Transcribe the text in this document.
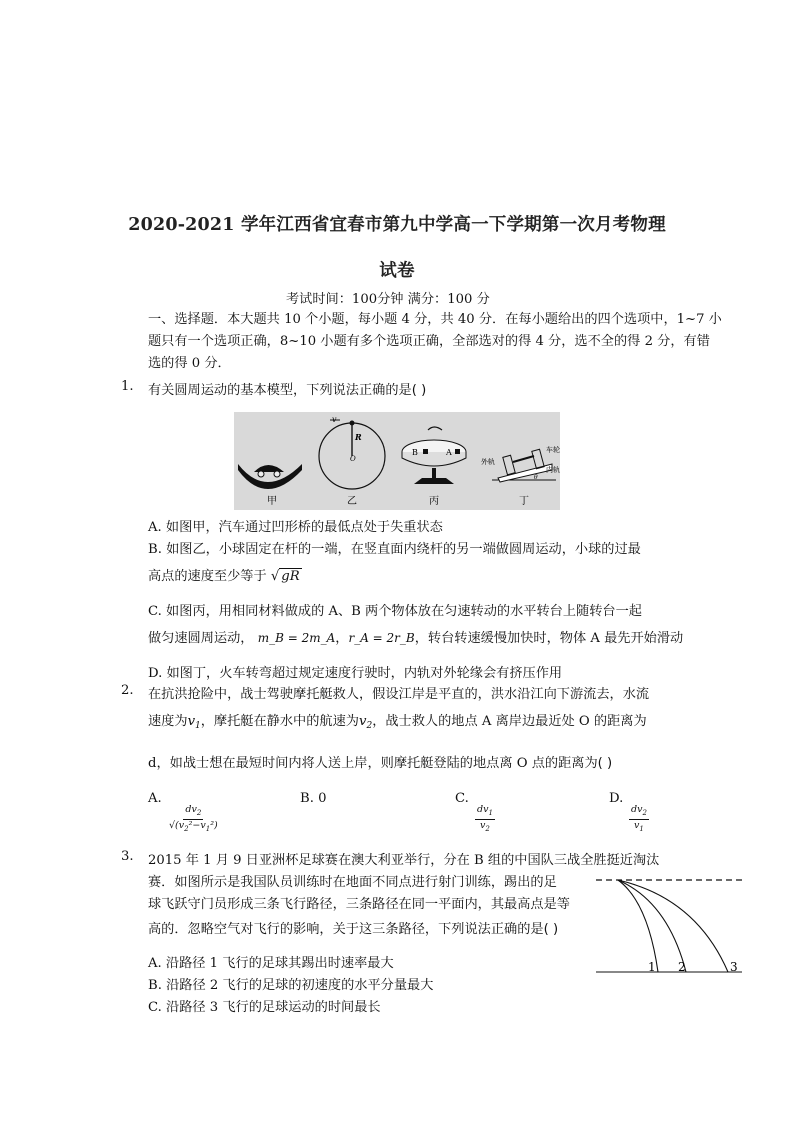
2020-2021 学年江西省宜春市第九中学高一下学期第一次月考物理
试卷
考试时间：100分钟 满分：100 分
一、选择题．本大题共 10 个小题，每小题 4 分，共 40 分．在每小题给出的四个选项中，1~7 小
题只有一个选项正确，8~10 小题有多个选项正确，全部选对的得 4 分，选不全的得 2 分，有错
选的得 0 分．
1. 有关圆周运动的基本模型，下列说法正确的是( )
甲
v
R
O
乙
B	A
丙
外轨
车轮
内轨
θ
丁
A. 如图甲，汽车通过凹形桥的最低点处于失重状态
B. 如图乙，小球固定在杆的一端，在竖直面内绕杆的另一端做圆周运动，小球的过最
高点的速度至少等于 √ gR
C. 如图丙，用相同材料做成的 A、B 两个物体放在匀速转动的水平转台上随转台一起
做匀速圆周运动， m_B = 2m_A，r_A = 2r_B，转台转速缓慢加快时，物体 A 最先开始滑动
D. 如图丁，火车转弯超过规定速度行驶时，内轨对外轮缘会有挤压作用
2. 在抗洪抢险中，战士驾驶摩托艇救人，假设江岸是平直的，洪水沿江向下游流去，水流
速度为$v_1$，摩托艇在静水中的航速为$v_2$，战士救人的地点 A 离岸边最近处 O 的距离为
d，如战士想在最短时间内将人送上岸，则摩托艇登陆的地点离 O 点的距离为( )
A.
$\frac{dv_2}{√(v_2^2-v_1^2)}$
B. 0	C.
$\frac{dv_1}{v_2}$
D.
$\frac{dv_2}{v_1}$
3. 2015 年 1 月 9 日亚洲杯足球赛在澳大利亚举行，分在 B 组的中国队三战全胜挺近淘汰
赛．如图所示是我国队员训练时在地面不同点进行射门训练，踢出的足
球飞跃守门员形成三条飞行路径，三条路径在同一平面内，其最高点是等
高的．忽略空气对飞行的影响，关于这三条路径，下列说法正确的是( )
1 2	3
A. 沿路径 1 飞行的足球其踢出时速率最大
B. 沿路径 2 飞行的足球的初速度的水平分量最大
C. 沿路径 3 飞行的足球运动的时间最长
